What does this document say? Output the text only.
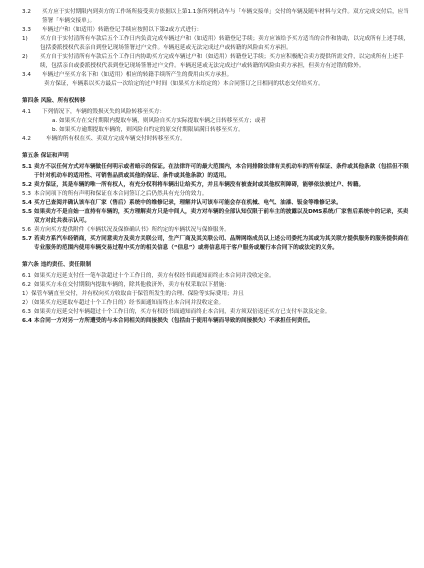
3.2	买方应于实付期限内到卖方的工作场所接受卖方依据以上第1.1条所列机动车与「车辆交接单」交付的车辆及随车材料与文件。双方完成交付后，应当签署「车辆交接单」。
3.3	车辆过户和（如适用）转籍登记手续应按照以下第2或方式进行：
1)	买方自于实付清所有车款后五个工作日内负责完成车辆过户和（如适用）转籍登记手续；卖方应该给予买方适当的合作和协助，以完成所有上述手续，包括委派授权代表亲自到登记现场签署过户文件。车辆迟延或无法完成过户或转籍的风险由买方承担。
2)	买方自于实付清所有车款后五个工作日内协助买方完成车辆过户和（如适用）转籍登记手续；买方应积极配合卖方提供所需文件，以完成所有上述手续，包括亲自或委派授权代表到登记现场签署过户文件。车辆迟延或无法完成过户或转籍的风险由卖方承担，但卖方有过错的除外。
3.4	车辆过户至买方名下和（如适用）相应的转籍手续所产生的费用由买方承担。

卖方保证，车辆系以买方最后一次给定的过户时间（如果买方未给定的）本合同签订之日相同的状态交付给买方。

第四条 风险、所有权转移

4.1	下列情况下，车辆的毁损灭失的风险转移至买方：

a. 如果买方在交付期限内提取车辆，则风险自买方实际提取车辆之日转移至买方；或者

b. 如果买方逾期提取车辆的，则风险自约定的原交付期限届满日转移至买方。

4.2	车辆的所有权在买、卖双方完成车辆交付时转移至买方。

第五条 保证和声明

5.1 卖方不以任何方式对车辆做任何明示或者暗示的保证。在法律许可的最大范围内，本合同排除法律有关机动车的所有保证、条件或其他条款（包括但不限于针对机动车的适用性、可销售品质或其他的保证、条件或其他条款）的适用。
5.2 卖方保证，其是车辆的唯一所有权人，有充分权利将车辆出让给买方，并且车辆没有被查封或其他权利障碍，能够依法被过户、转籍。
5.3 本合同项下的所有声明和保证在本合同签订之后仍然具有充分的效力。
5.4 买方已查阅并确认该车在厂家（售后）系统中的维修记录，理解并认可该车可能会存在机械、电气、油漆、钣金等维修记录。
5.5 如果卖方不是自始一直持有车辆的，买方理解卖方只是中间人，卖方对车辆的全部认知仅限于前车主的披露以及DMS系统/厂家售后系统中的记录，买卖双方对此共表示认可。
5.6 卖方向买方提供附件《车辆状况及保修确认书》所约定的车辆状况与保修服务。
5.7 若卖方系汽车经销商，买方同意卖方及卖方关联公司，生产厂商及其关联公司、品牌网络成员以上述公司委托为其或为其关联方提供服务的服务提供商在专业服务的范围内使用车辆交易过程中买方的相关信息（“信息”）或将信息用于客户服务或履行本合同下的或法定的义务。

第六条 违约责任、责任限制

6.1 如果买方迟延支付任一笔车款超过十个工作日的，卖方有权经书面通知而终止本合同并没收定金。
6.2 如果买方未在交付期限内提取车辆的，除其他救济外，卖方有权采取以下措施：

1）保管车辆直至交付，并有权向买方收取由于保管所发生的合理、保险等实际费用；并且

2）（如果买方迟延取车超过十个工作日的）经书面通知而终止本合同并没收定金。

6.3 如果卖方迟延交付车辆超过十个工作日的，买方有权经书面通知而终止本合同，卖方须双倍返还买方已支付车款及定金。
6.4 本合同一方对另一方所遭受的与本合同相关的间接损失（包括由于使用车辆而导致的间接损失）不承担任何责任。
